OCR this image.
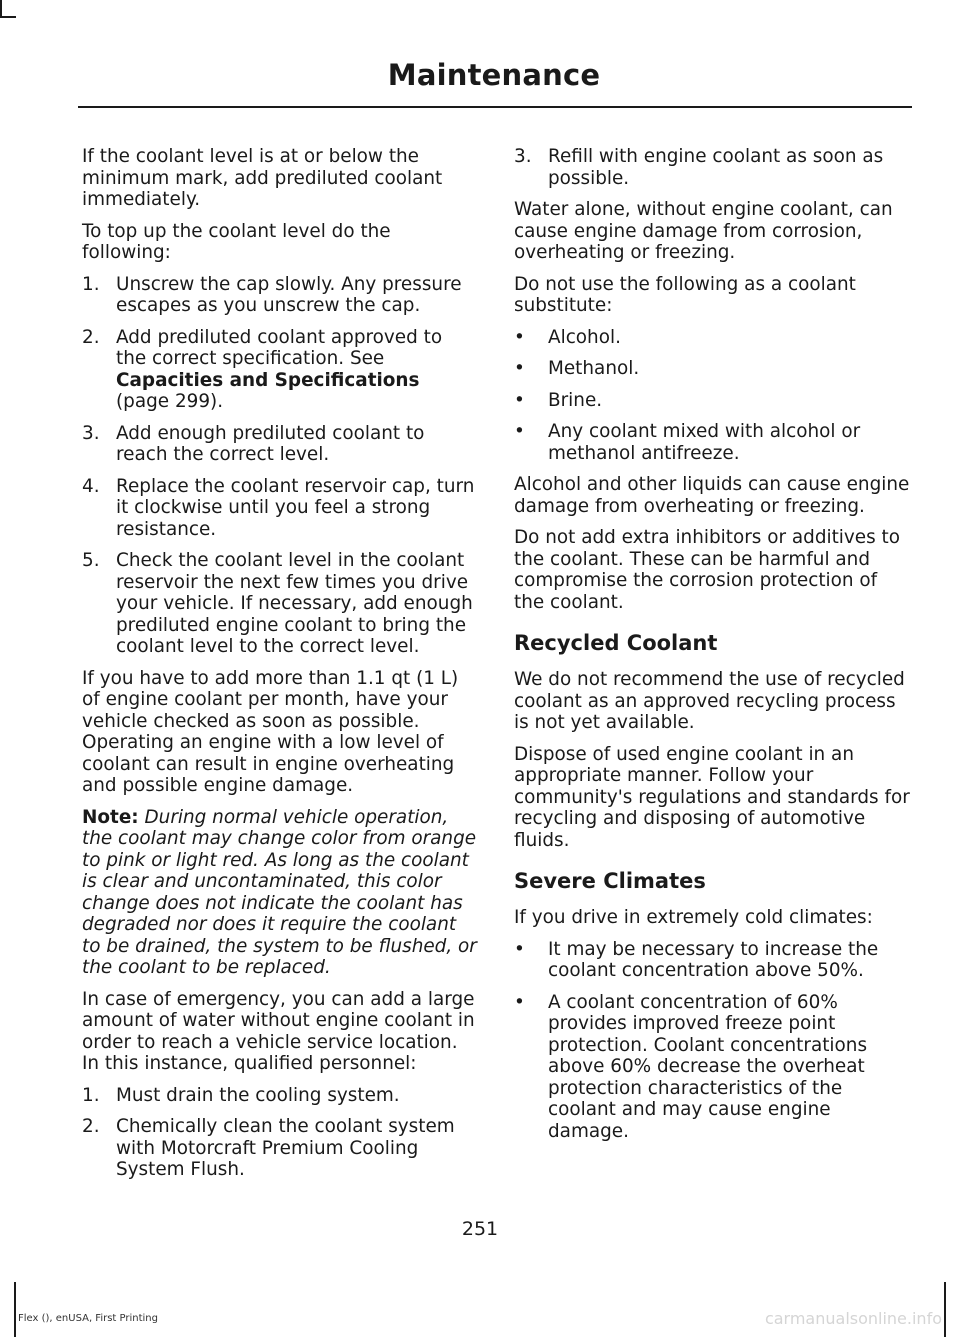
Maintenance

If the coolant level is at or below the minimum mark, add prediluted coolant immediately.

To top up the coolant level do the following:

1. Unscrew the cap slowly. Any pressure escapes as you unscrew the cap.
2. Add prediluted coolant approved to the correct specification. See Capacities and Specifications (page 299).
3. Add enough prediluted coolant to reach the correct level.
4. Replace the coolant reservoir cap, turn it clockwise until you feel a strong resistance.
5. Check the coolant level in the coolant reservoir the next few times you drive your vehicle. If necessary, add enough prediluted engine coolant to bring the coolant level to the correct level.

If you have to add more than 1.1 qt (1 L) of engine coolant per month, have your vehicle checked as soon as possible. Operating an engine with a low level of coolant can result in engine overheating and possible engine damage.

Note: During normal vehicle operation, the coolant may change color from orange to pink or light red. As long as the coolant is clear and uncontaminated, this color change does not indicate the coolant has degraded nor does it require the coolant to be drained, the system to be flushed, or the coolant to be replaced.

In case of emergency, you can add a large amount of water without engine coolant in order to reach a vehicle service location. In this instance, qualified personnel:

1. Must drain the cooling system.
2. Chemically clean the coolant system with Motorcraft Premium Cooling System Flush.
3. Refill with engine coolant as soon as possible.

Water alone, without engine coolant, can cause engine damage from corrosion, overheating or freezing.

Do not use the following as a coolant substitute:

• Alcohol.
• Methanol.
• Brine.
• Any coolant mixed with alcohol or methanol antifreeze.

Alcohol and other liquids can cause engine damage from overheating or freezing.

Do not add extra inhibitors or additives to the coolant. These can be harmful and compromise the corrosion protection of the coolant.

Recycled Coolant

We do not recommend the use of recycled coolant as an approved recycling process is not yet available.

Dispose of used engine coolant in an appropriate manner. Follow your community's regulations and standards for recycling and disposing of automotive fluids.

Severe Climates

If you drive in extremely cold climates:

• It may be necessary to increase the coolant concentration above 50%.
• A coolant concentration of 60% provides improved freeze point protection. Coolant concentrations above 60% decrease the overheat protection characteristics of the coolant and may cause engine damage.
251
Flex (), enUSA, First Printing	carmanualsonline.info
